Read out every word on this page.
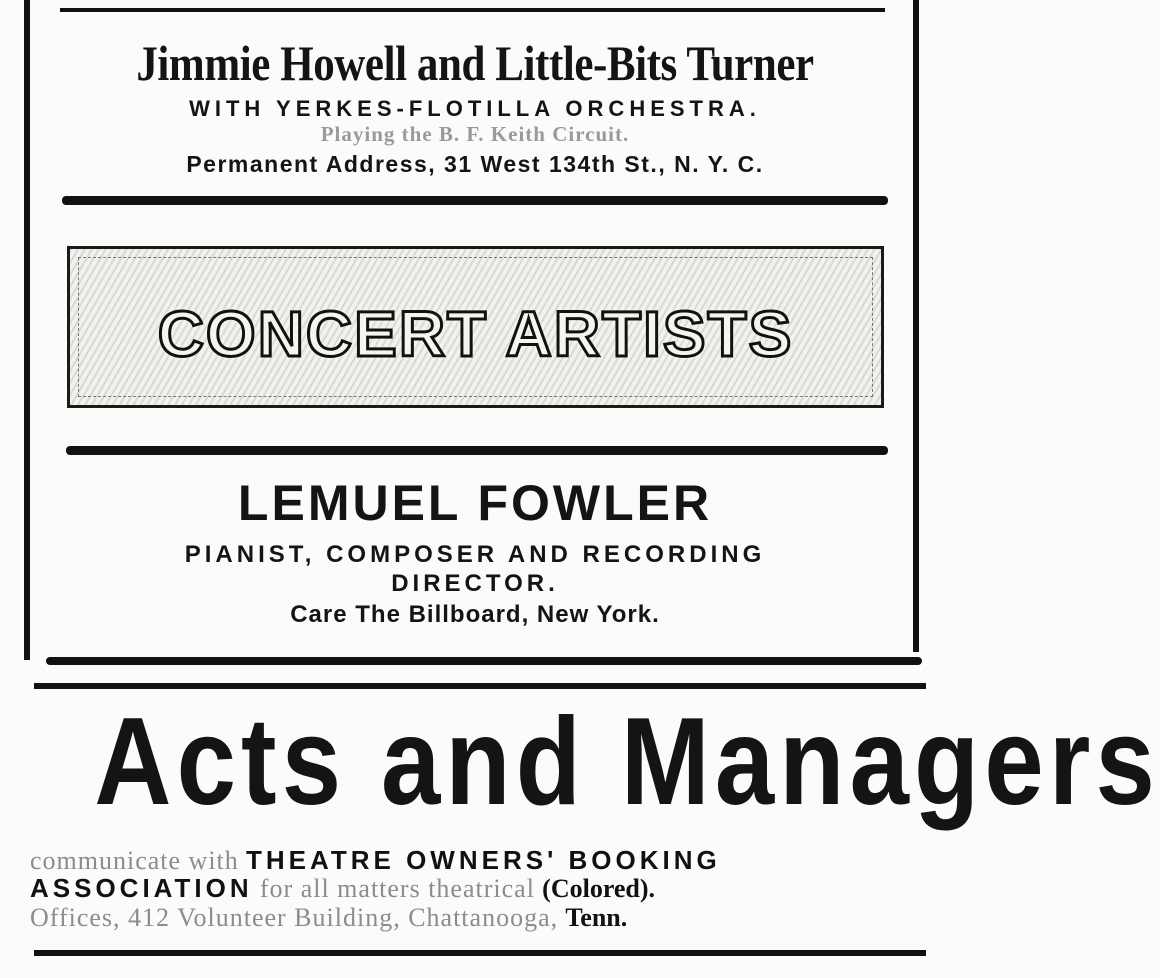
Jimmie Howell and Little-Bits Turner
WITH YERKES-FLOTILLA ORCHESTRA.
Playing the B. F. Keith Circuit.
Permanent Address, 31 West 134th St., N. Y. C.
CONCERT ARTISTS
LEMUEL FOWLER
PIANIST, COMPOSER AND RECORDING
DIRECTOR.
Care The Billboard, New York.
Acts and Managers
communicate with THEATRE OWNERS' BOOKING
ASSOCIATION for all matters theatrical (Colored).
Offices, 412 Volunteer Building, Chattanooga, Tenn.
